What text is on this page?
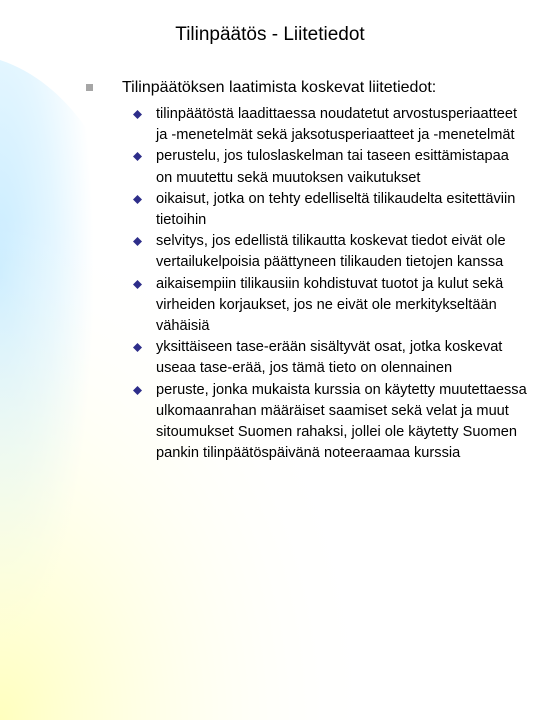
Tilinpäätös - Liitetiedot
Tilinpäätöksen laatimista koskevat liitetiedot:
tilinpäätöstä laadittaessa noudatetut arvostusperiaatteet ja -menetelmät sekä jaksotusperiaatteet ja -menetelmät
perustelu, jos tuloslaskelman tai taseen esittämistapaa on muutettu sekä muutoksen vaikutukset
oikaisut, jotka on tehty edelliseltä tilikaudelta esitettäviin tietoihin
selvitys, jos edellistä tilikautta koskevat tiedot eivät ole vertailukelpoisia päättyneen tilikauden tietojen kanssa
aikaisempiin tilikausiin kohdistuvat tuotot ja kulut sekä virheiden korjaukset, jos ne eivät ole merkitykseltään vähäisiä
yksittäiseen tase-erään sisältyvät osat, jotka koskevat useaa tase-erää, jos tämä tieto on olennainen
peruste, jonka mukaista kurssia on käytetty muutettaessa ulkomaanrahan määräiset saamiset sekä velat ja muut sitoumukset Suomen rahaksi, jollei ole käytetty Suomen pankin tilinpäätöspäivänä noteeraamaa kurssia
